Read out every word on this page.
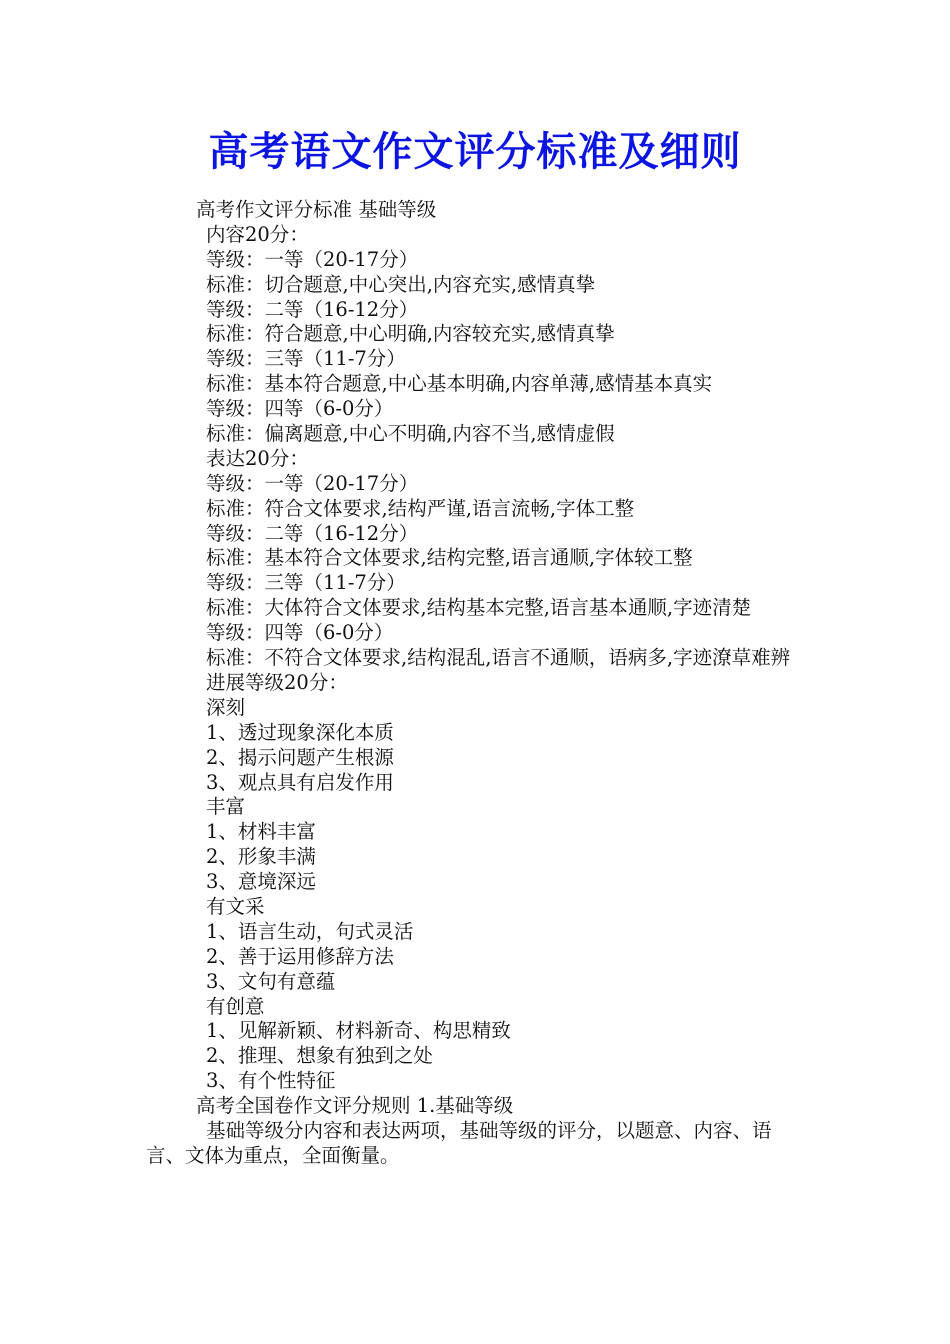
高考语文作文评分标准及细则
高考作文评分标准 基础等级
内容20分：
等级：一等（20-17分）
标准：切合题意,中心突出,内容充实,感情真挚
等级：二等（16-12分）
标准：符合题意,中心明确,内容较充实,感情真挚
等级：三等（11-7分）
标准：基本符合题意,中心基本明确,内容单薄,感情基本真实
等级：四等（6-0分）
标准：偏离题意,中心不明确,内容不当,感情虚假
表达20分：
等级：一等（20-17分）
标准：符合文体要求,结构严谨,语言流畅,字体工整
等级：二等（16-12分）
标准：基本符合文体要求,结构完整,语言通顺,字体较工整
等级：三等（11-7分）
标准：大体符合文体要求,结构基本完整,语言基本通顺,字迹清楚
等级：四等（6-0分）
标准：不符合文体要求,结构混乱,语言不通顺，语病多,字迹潦草难辨
进展等级20分：
深刻
1、透过现象深化本质
2、揭示问题产生根源
3、观点具有启发作用
丰富
1、材料丰富
2、形象丰满
3、意境深远
有文采
1、语言生动，句式灵活
2、善于运用修辞方法
3、文句有意蕴
有创意
1、见解新颖、材料新奇、构思精致
2、推理、想象有独到之处
3、有个性特征
高考全国卷作文评分规则 1.基础等级
基础等级分内容和表达两项，基础等级的评分，以题意、内容、语言、文体为重点，全面衡量。
